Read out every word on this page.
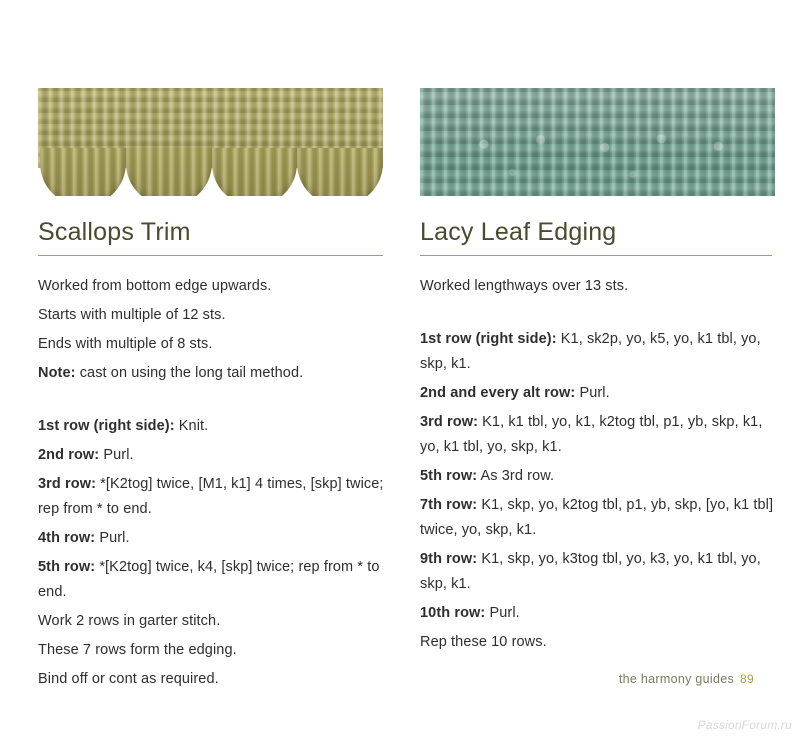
Scallops Trim

Worked from bottom edge upwards.

Starts with multiple of 12 sts.

Ends with multiple of 8 sts.

Note: cast on using the long tail method.

1st row (right side): Knit.

2nd row: Purl.

3rd row: *[K2tog] twice, [M1, k1] 4 times, [skp] twice; rep from * to end.

4th row: Purl.

5th row: *[K2tog] twice, k4, [skp] twice; rep from * to end.

Work 2 rows in garter stitch.

These 7 rows form the edging.

Bind off or cont as required.

Lacy Leaf Edging

Worked lengthways over 13 sts.

1st row (right side): K1, sk2p, yo, k5, yo, k1 tbl, yo, skp, k1.

2nd and every alt row: Purl.

3rd row: K1, k1 tbl, yo, k1, k2tog tbl, p1, yb, skp, k1, yo, k1 tbl, yo, skp, k1.

5th row: As 3rd row.

7th row: K1, skp, yo, k2tog tbl, p1, yb, skp, [yo, k1 tbl] twice, yo, skp, k1.

9th row: K1, skp, yo, k3tog tbl, yo, k3, yo, k1 tbl, yo, skp, k1.

10th row: Purl.

Rep these 10 rows.

the harmony guides 89
PassionForum.ru
